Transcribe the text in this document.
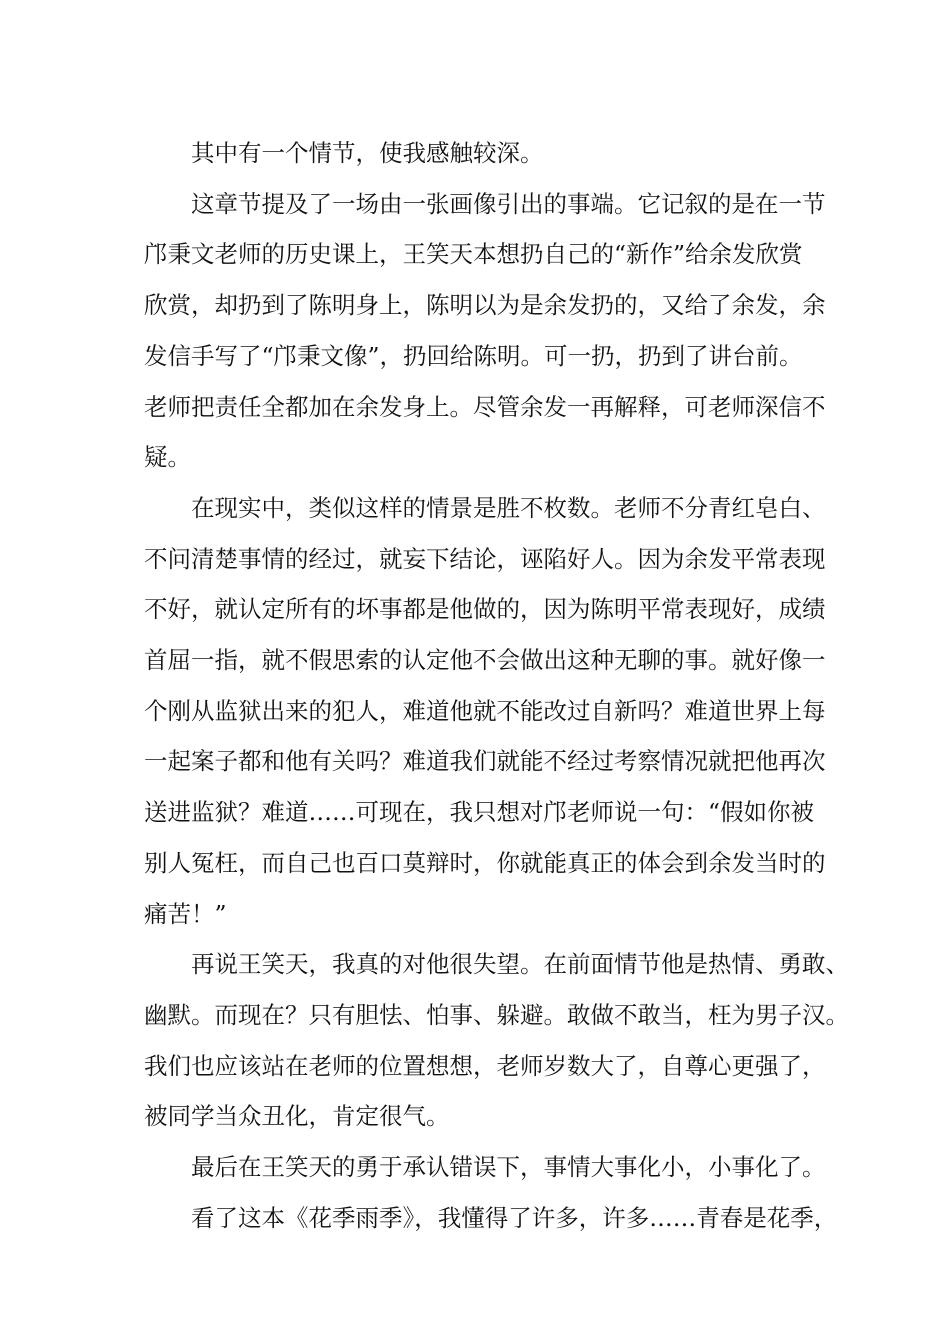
其中有一个情节，使我感触较深。
这章节提及了一场由一张画像引出的事端。它记叙的是在一节
邝秉文老师的历史课上，王笑天本想扔自己的“新作”给余发欣赏
欣赏，却扔到了陈明身上，陈明以为是余发扔的，又给了余发，余
发信手写了“邝秉文像”，扔回给陈明。可一扔，扔到了讲台前。
老师把责任全都加在余发身上。尽管余发一再解释，可老师深信不
疑。
在现实中，类似这样的情景是胜不枚数。老师不分青红皂白、
不问清楚事情的经过，就妄下结论，诬陷好人。因为余发平常表现
不好，就认定所有的坏事都是他做的，因为陈明平常表现好，成绩
首屈一指，就不假思索的认定他不会做出这种无聊的事。就好像一
个刚从监狱出来的犯人，难道他就不能改过自新吗？难道世界上每
一起案子都和他有关吗？难道我们就能不经过考察情况就把他再次
送进监狱？难道……可现在，我只想对邝老师说一句：“假如你被
别人冤枉，而自己也百口莫辩时，你就能真正的体会到余发当时的
痛苦！”
再说王笑天，我真的对他很失望。在前面情节他是热情、勇敢、
幽默。而现在？只有胆怯、怕事、躲避。敢做不敢当，枉为男子汉。
我们也应该站在老师的位置想想，老师岁数大了，自尊心更强了，
被同学当众丑化，肯定很气。
最后在王笑天的勇于承认错误下，事情大事化小，小事化了。
看了这本《花季雨季》，我懂得了许多，许多……青春是花季，
